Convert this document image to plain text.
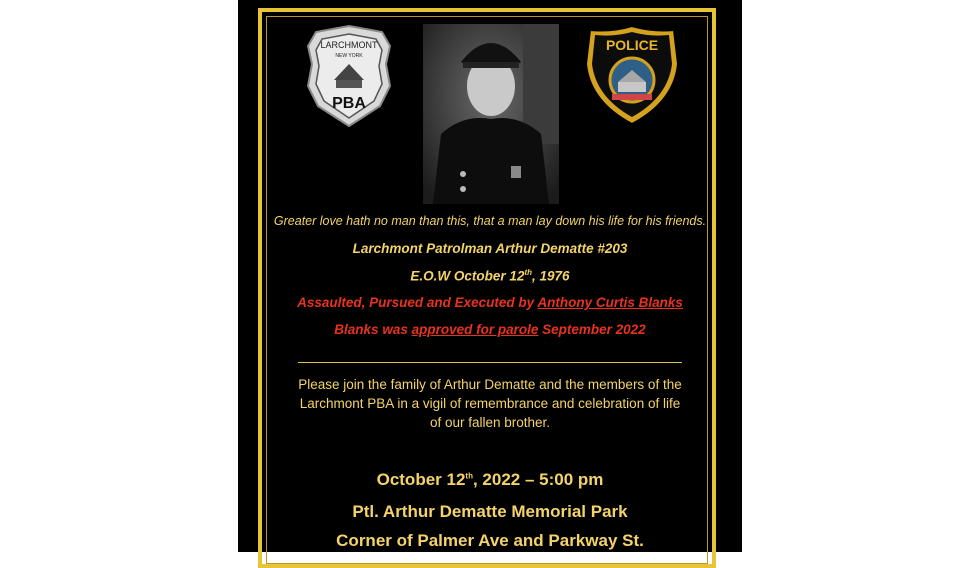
LARCHMONT
NEW YORK
PBA
POLICE
Greater love hath no man than this, that a man lay down his life for his friends.
Larchmont Patrolman Arthur Dematte #203
E.O.W October 12th, 1976
Assaulted, Pursued and Executed by Anthony Curtis Blanks
Blanks was approved for parole September 2022
Please join the family of Arthur Dematte and the members of the
Larchmont PBA in a vigil of remembrance and celebration of life
of our fallen brother.
October 12th, 2022 – 5:00 pm
Ptl. Arthur Dematte Memorial Park
Corner of Palmer Ave and Parkway St.
